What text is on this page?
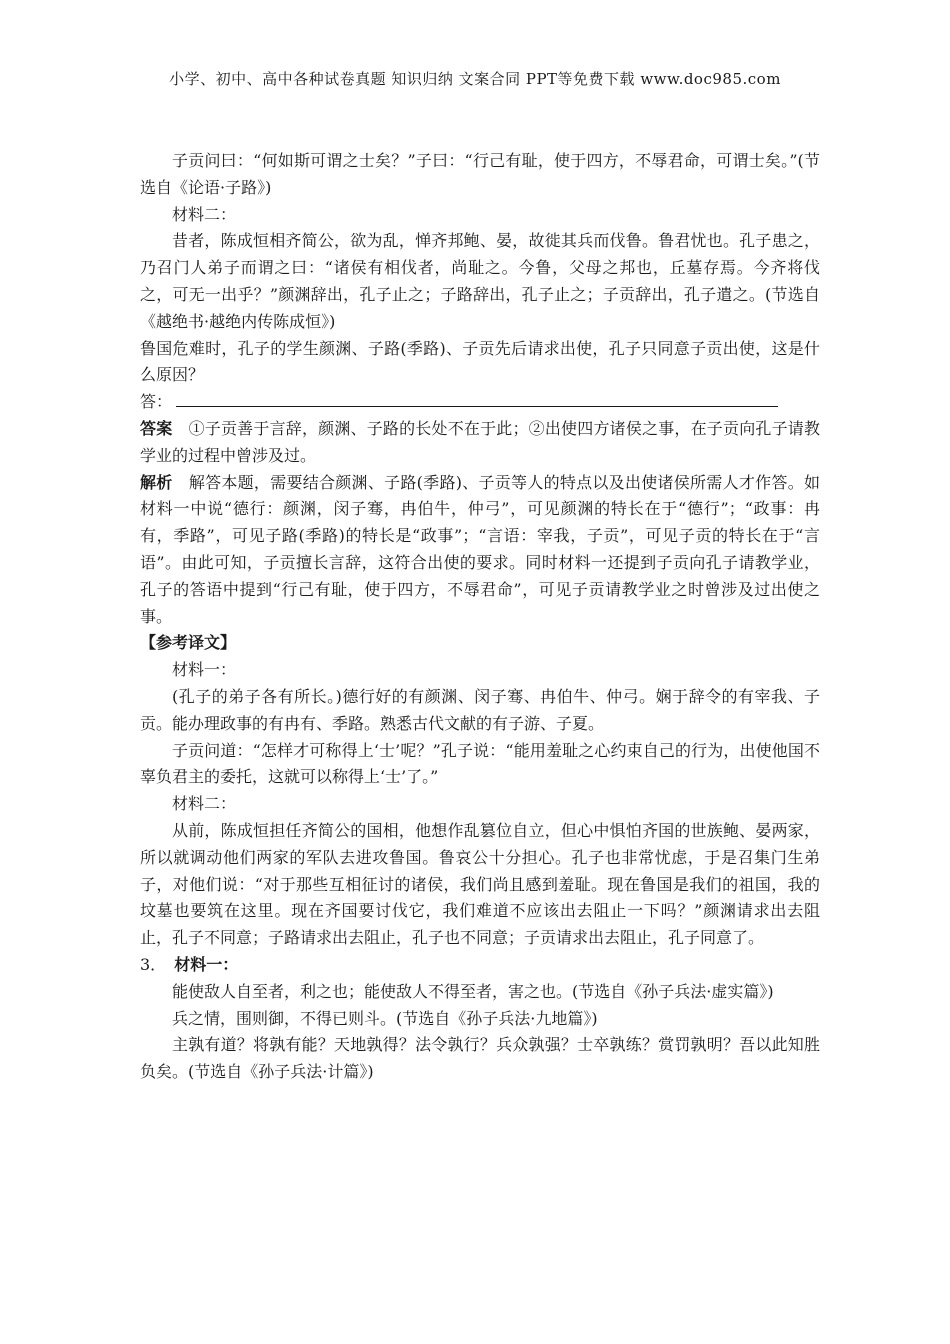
小学、初中、高中各种试卷真题 知识归纳 文案合同 PPT等免费下载 www.doc985.com

子贡问曰：“何如斯可谓之士矣？”子曰：“行己有耻，使于四方，不辱君命，可谓士矣。”(节选自《论语·子路》)

材料二：

昔者，陈成恒相齐简公，欲为乱，惮齐邦鲍、晏，故徙其兵而伐鲁。鲁君忧也。孔子患之，乃召门人弟子而谓之曰：“诸侯有相伐者，尚耻之。今鲁，父母之邦也，丘墓存焉。今齐将伐之，可无一出乎？”颜渊辞出，孔子止之；子路辞出，孔子止之；子贡辞出，孔子遣之。(节选自《越绝书·越绝内传陈成恒》)

鲁国危难时，孔子的学生颜渊、子路(季路)、子贡先后请求出使，孔子只同意子贡出使，这是什么原因？

答：

答案　 ①子贡善于言辞，颜渊、子路的长处不在于此；②出使四方诸侯之事，在子贡向孔子请教学业的过程中曾涉及过。

解析　 解答本题，需要结合颜渊、子路(季路)、子贡等人的特点以及出使诸侯所需人才作答。如材料一中说“德行：颜渊，闵子骞，冉伯牛，仲弓”，可见颜渊的特长在于“德行”；“政事：冉有，季路”，可见子路(季路)的特长是“政事”；“言语：宰我，子贡”，可见子贡的特长在于“言语”。由此可知，子贡擅长言辞，这符合出使的要求。同时材料一还提到子贡向孔子请教学业，孔子的答语中提到“行己有耻，使于四方，不辱君命”，可见子贡请教学业之时曾涉及过出使之事。

【参考译文】

材料一：

(孔子的弟子各有所长。)德行好的有颜渊、闵子骞、冉伯牛、仲弓。娴于辞令的有宰我、子贡。能办理政事的有冉有、季路。熟悉古代文献的有子游、子夏。

子贡问道：“怎样才可称得上‘士’呢？”孔子说：“能用羞耻之心约束自己的行为，出使他国不辜负君主的委托，这就可以称得上‘士’了。”

材料二：

从前，陈成恒担任齐简公的国相，他想作乱篡位自立，但心中惧怕齐国的世族鲍、晏两家，所以就调动他们两家的军队去进攻鲁国。鲁哀公十分担心。孔子也非常忧虑，于是召集门生弟子，对他们说：“对于那些互相征讨的诸侯，我们尚且感到羞耻。现在鲁国是我们的祖国，我的坟墓也要筑在这里。现在齐国要讨伐它，我们难道不应该出去阻止一下吗？”颜渊请求出去阻止，孔子不同意；子路请求出去阻止，孔子也不同意；子贡请求出去阻止，孔子同意了。

3．　 材料一：

能使敌人自至者，利之也；能使敌人不得至者，害之也。(节选自《孙子兵法·虚实篇》)

兵之情，围则御，不得已则斗。(节选自《孙子兵法·九地篇》)

主孰有道？将孰有能？天地孰得？法令孰行？兵众孰强？士卒孰练？赏罚孰明？吾以此知胜负矣。(节选自《孙子兵法·计篇》)
